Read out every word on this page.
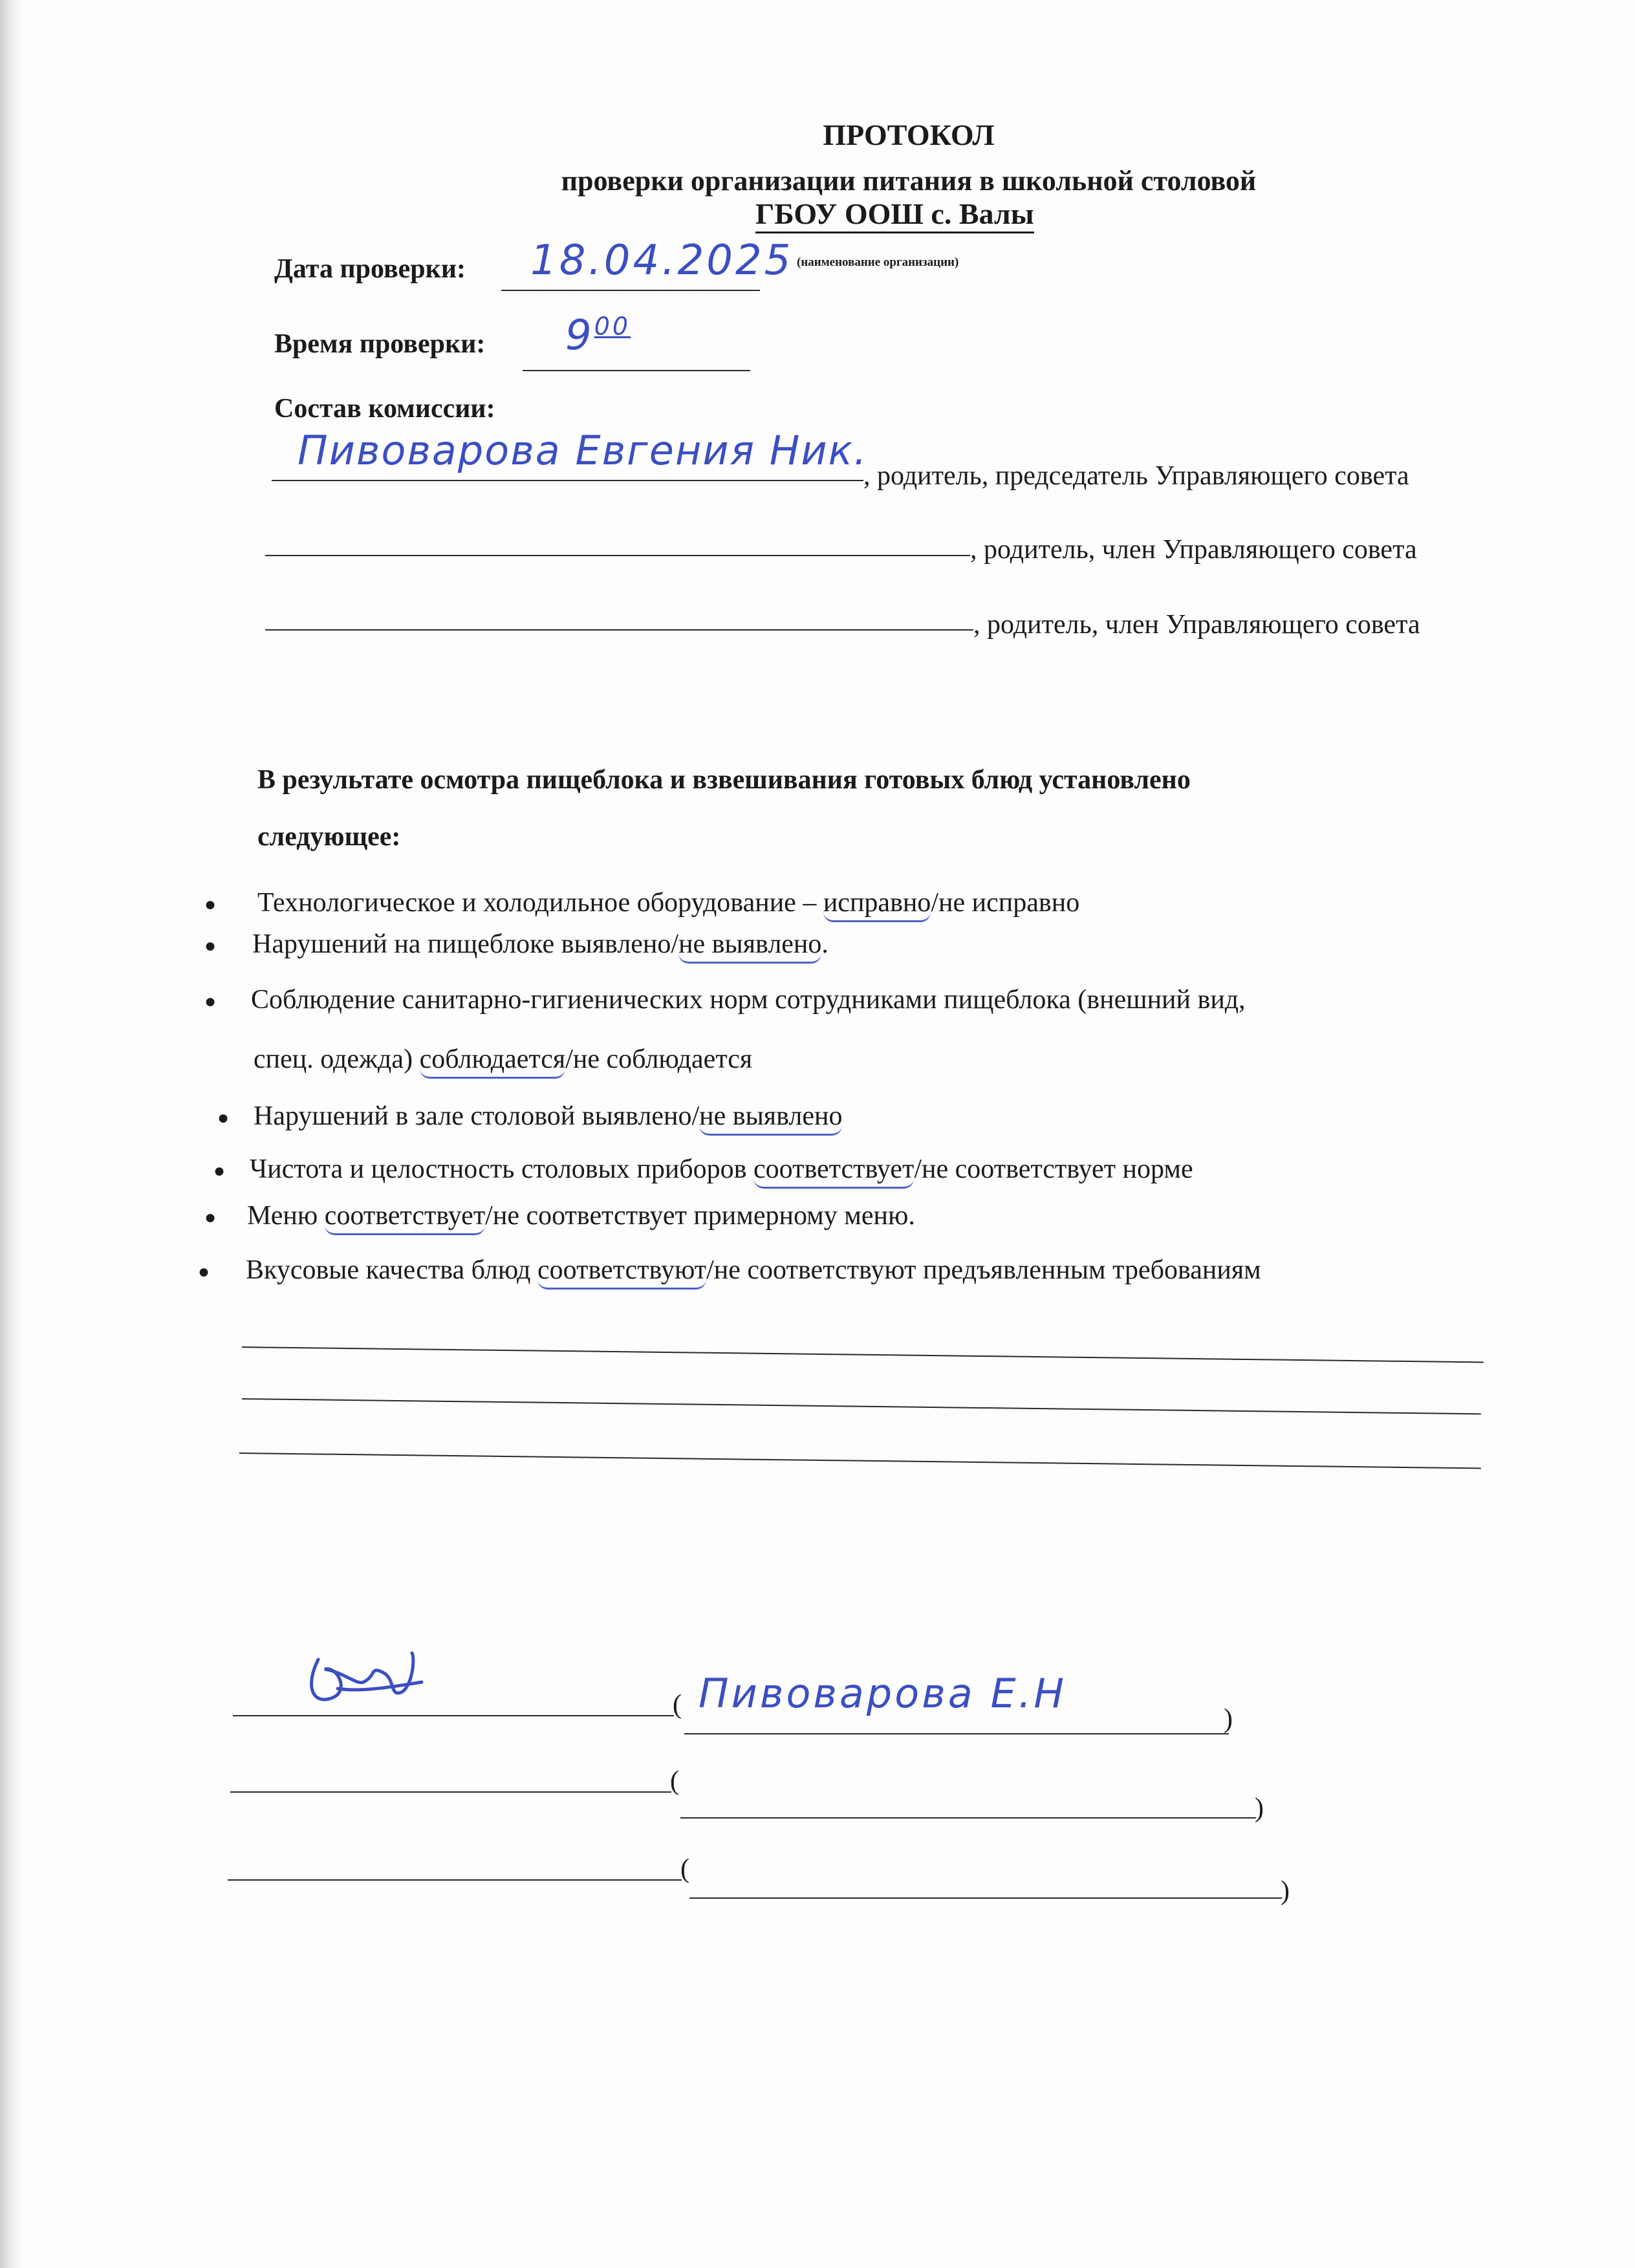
ПРОТОКОЛ
проверки организации питания в школьной столовой
ГБОУ ООШ с. Валы
(наименование организации)
Дата проверки: 18.04.2025
Время проверки: $9^{00}$
Состав комиссии:
Пивоварова Евгения Ник.
, родитель, председатель Управляющего совета
, родитель, член Управляющего совета
, родитель, член Управляющего совета
В результате осмотра пищеблока и взвешивания готовых блюд установлено
следующее:
● Технологическое и холодильное оборудование – исправно/не исправно
● Нарушений на пищеблоке выявлено/не выявлено.
● Соблюдение санитарно-гигиенических норм сотрудниками пищеблока (внешний вид,
спец. одежда) соблюдается/не соблюдается
● Нарушений в зале столовой выявлено/не выявлено
● Чистота и целостность столовых приборов соответствует/не соответствует норме
● Меню соответствует/не соответствует примерному меню.
● Вкусовые качества блюд соответствуют/не соответствуют предъявленным требованиям
( Пивоварова Е.Н
)
(
)
(
)
